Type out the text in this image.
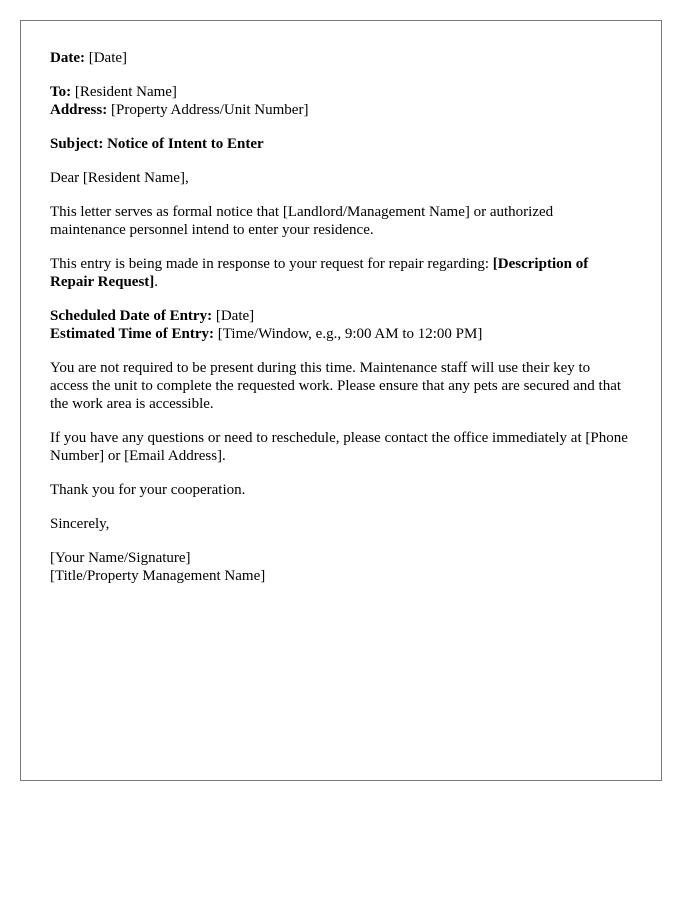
Date: [Date]

To: [Resident Name]
Address: [Property Address/Unit Number]

Subject: Notice of Intent to Enter

Dear [Resident Name],

This letter serves as formal notice that [Landlord/Management Name] or authorized maintenance personnel intend to enter your residence.

This entry is being made in response to your request for repair regarding: [Description of Repair Request].

Scheduled Date of Entry: [Date]
Estimated Time of Entry: [Time/Window, e.g., 9:00 AM to 12:00 PM]

You are not required to be present during this time. Maintenance staff will use their key to access the unit to complete the requested work. Please ensure that any pets are secured and that the work area is accessible.

If you have any questions or need to reschedule, please contact the office immediately at [Phone Number] or [Email Address].

Thank you for your cooperation.

Sincerely,

[Your Name/Signature]
[Title/Property Management Name]
